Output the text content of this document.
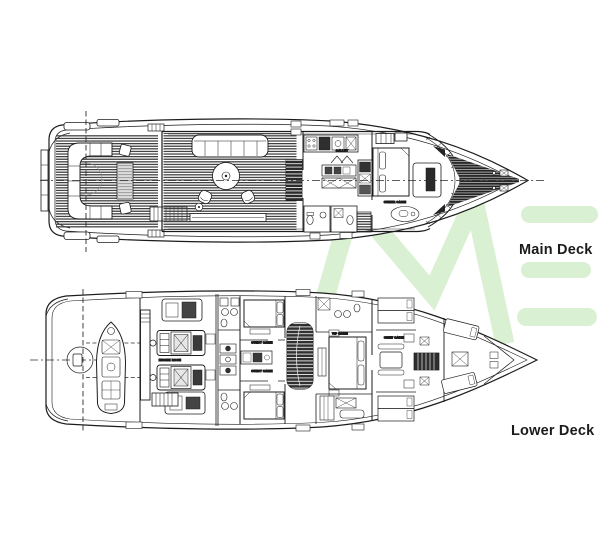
GALLEY
OWNER CABIN
ENGINE ROOM
GUEST CABIN
GUEST CABIN
VIP CABIN
CREW CABIN
Main Deck
Lower Deck
